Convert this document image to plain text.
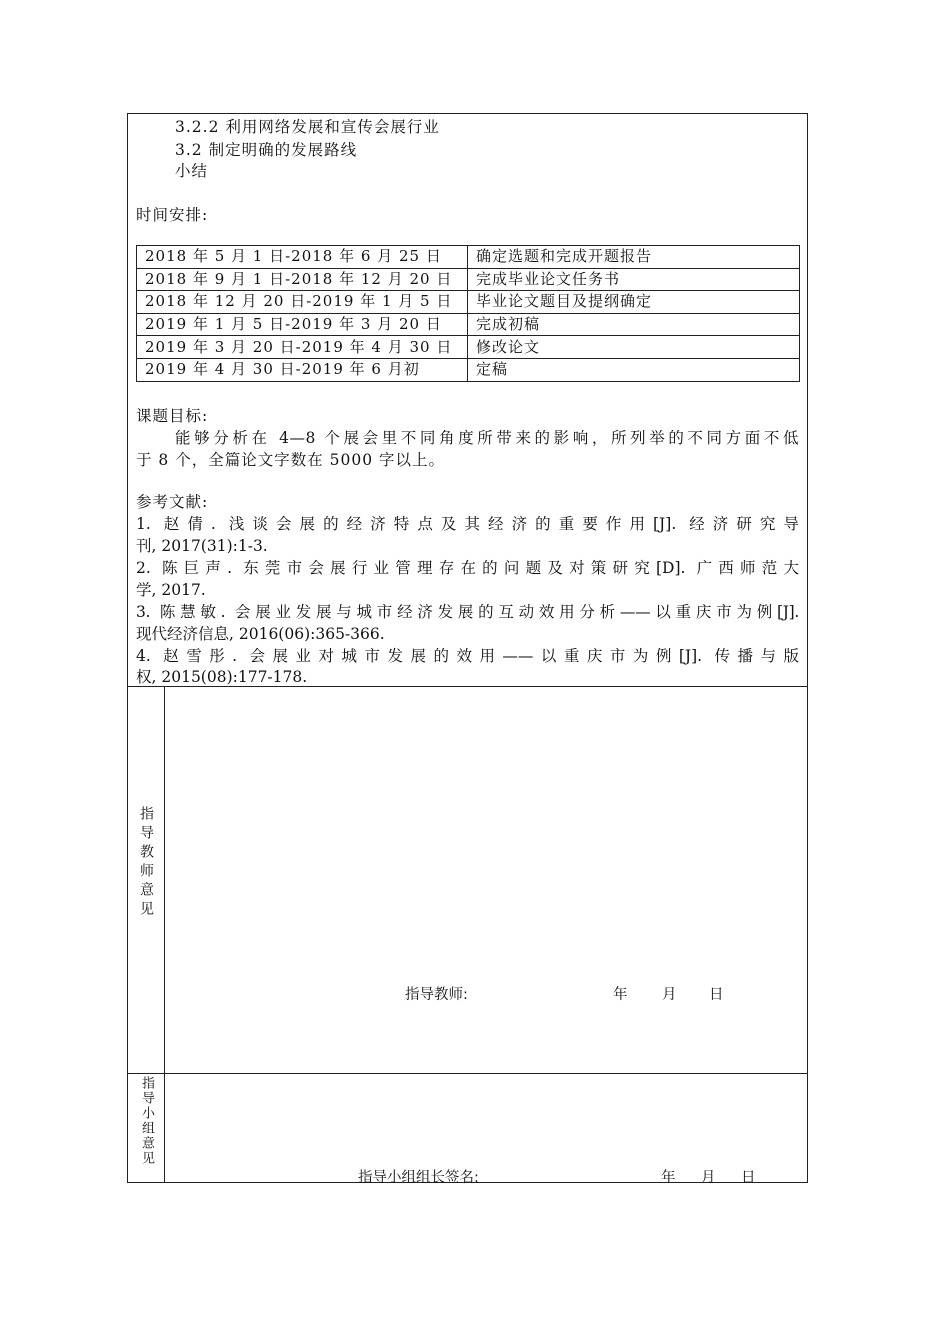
3.2.2 利用网络发展和宣传会展行业
3.2 制定明确的发展路线
小结
时间安排:
2018 年 5 月 1 日-2018 年 6 月 25 日	确定选题和完成开题报告
2018 年 9 月 1 日-2018 年 12 月 20 日	完成毕业论文任务书
2018 年 12 月 20 日-2019 年 1 月 5 日	毕业论文题目及提纲确定
2019 年 1 月 5 日-2019 年 3 月 20 日	完成初稿
2019 年 3 月 20 日-2019 年 4 月 30 日	修改论文
2019 年 4 月 30 日-2019 年 6 月初	定稿
课题目标:
能够分析在 4—8 个展会里不同角度所带来的影响，所列举的不同方面不低
于 8 个，全篇论文字数在 5000 字以上。
参考文献:
1. 赵倩. 浅谈会展的经济特点及其经济的重要作用[J]. 经济研究导
刊, 2017(31):1-3.
2. 陈巨声. 东莞市会展行业管理存在的问题及对策研究[D]. 广西师范大
学, 2017.
3. 陈慧敏. 会展业发展与城市经济发展的互动效用分析——以重庆市为例[J].
现代经济信息, 2016(06):365-366.
4. 赵雪彤. 会展业对城市发展的效用——以重庆市为例[J]. 传播与版
权, 2015(08):177-178.
指导教师意见
指导教师:	年 月 日
指导小组意见
指导小组组长签名:	年 月 日
